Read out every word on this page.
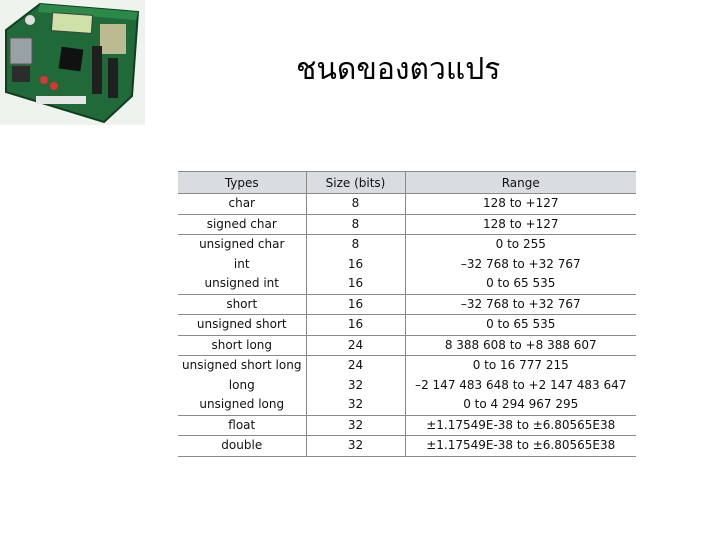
ชนดของตวแปร
Types	Size (bits)	Range
char	8	128 to +127
signed char	8	128 to +127
unsigned char	8	0 to 255
int	16	–32 768 to +32 767
unsigned int	16	0 to 65 535
short	16	–32 768 to +32 767
unsigned short	16	0 to 65 535
short long	24	8 388 608 to +8 388 607
unsigned short long	24	0 to 16 777 215
long	32	–2 147 483 648 to +2 147 483 647
unsigned long	32	0 to 4 294 967 295
float	32	±1.17549E-38 to ±6.80565E38
double	32	±1.17549E-38 to ±6.80565E38
